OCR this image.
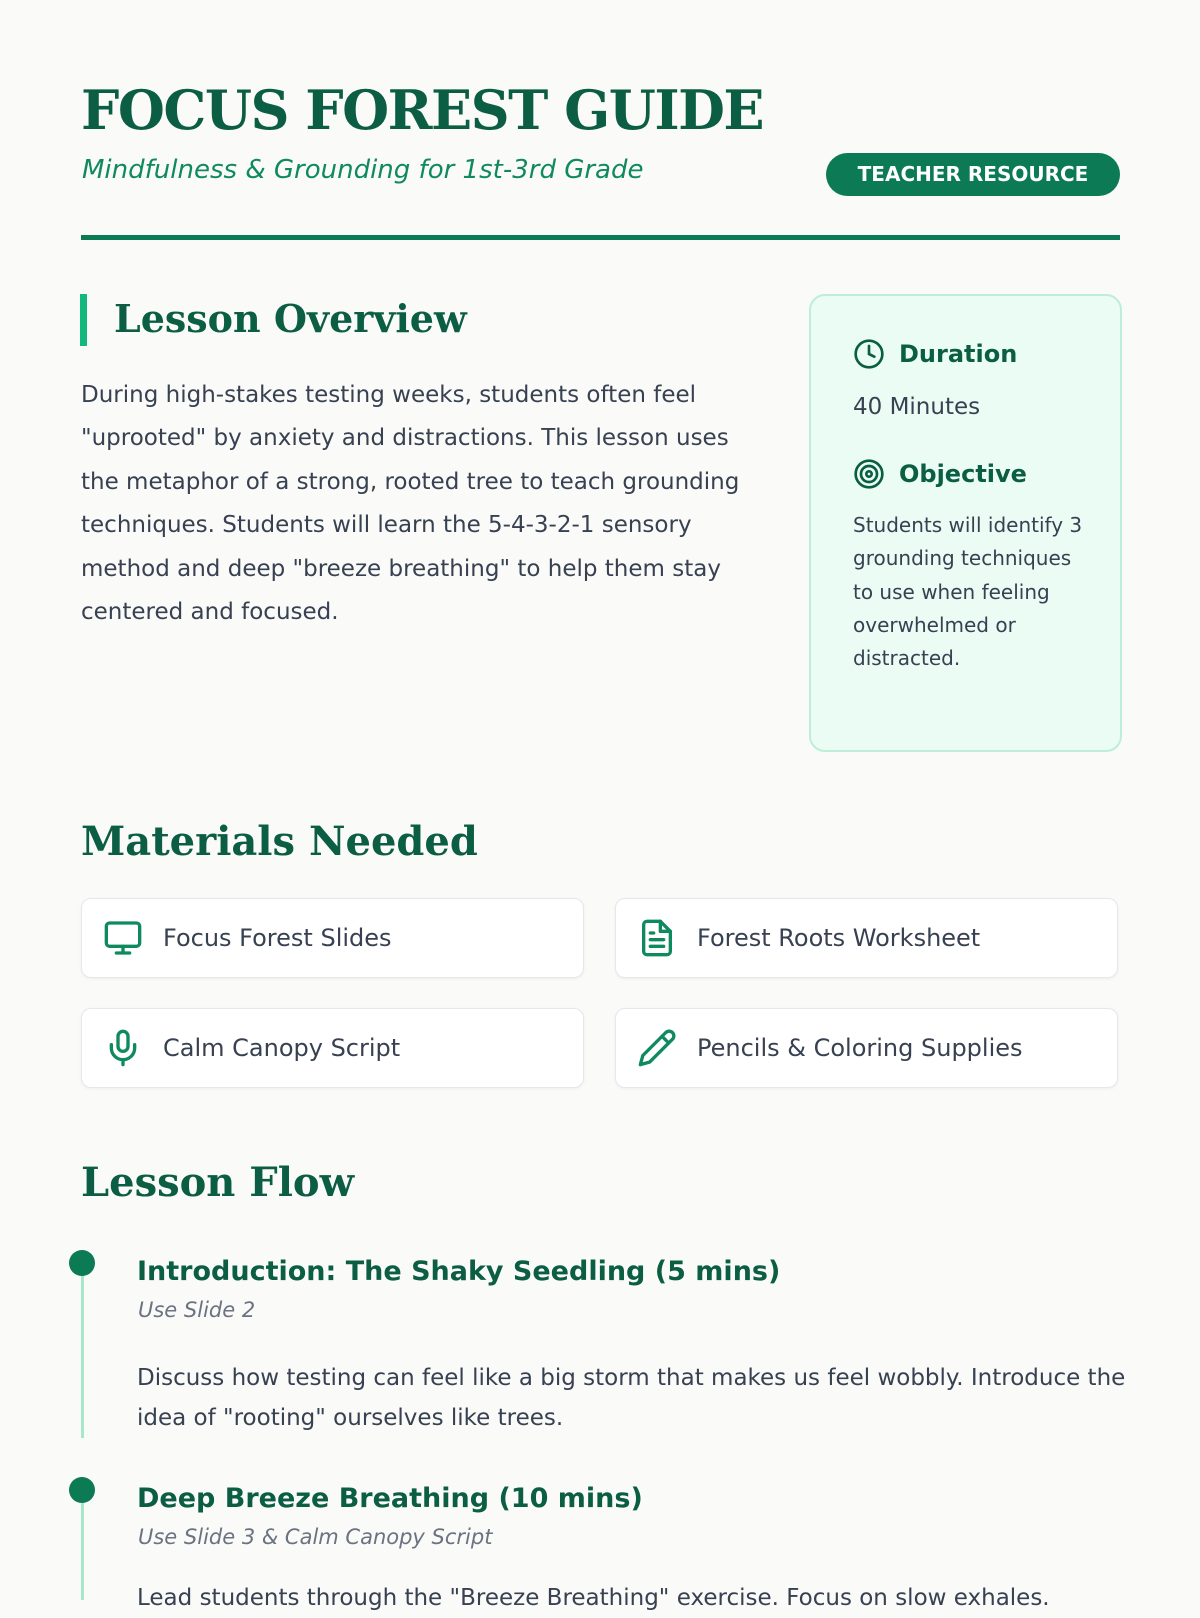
FOCUS FOREST GUIDE

Mindfulness & Grounding for 1st-3rd Grade	TEACHER RESOURCE
Lesson Overview

During high-stakes testing weeks, students often feel "uprooted" by anxiety and distractions. This lesson uses the metaphor of a strong, rooted tree to teach grounding techniques. Students will learn the 5-4-3-2-1 sensory method and deep "breeze breathing" to help them stay centered and focused.

Duration
40 Minutes
Objective

Students will identify 3 grounding techniques to use when feeling overwhelmed or distracted.

Materials Needed
Focus Forest Slides	Forest Roots Worksheet
Calm Canopy Script	Pencils & Coloring Supplies
Lesson Flow
Introduction: The Shaky Seedling (5 mins)

Use Slide 2

Discuss how testing can feel like a big storm that makes us feel wobbly. Introduce the idea of "rooting" ourselves like trees.

Deep Breeze Breathing (10 mins)

Use Slide 3 & Calm Canopy Script

Lead students through the "Breeze Breathing" exercise. Focus on slow exhales.
